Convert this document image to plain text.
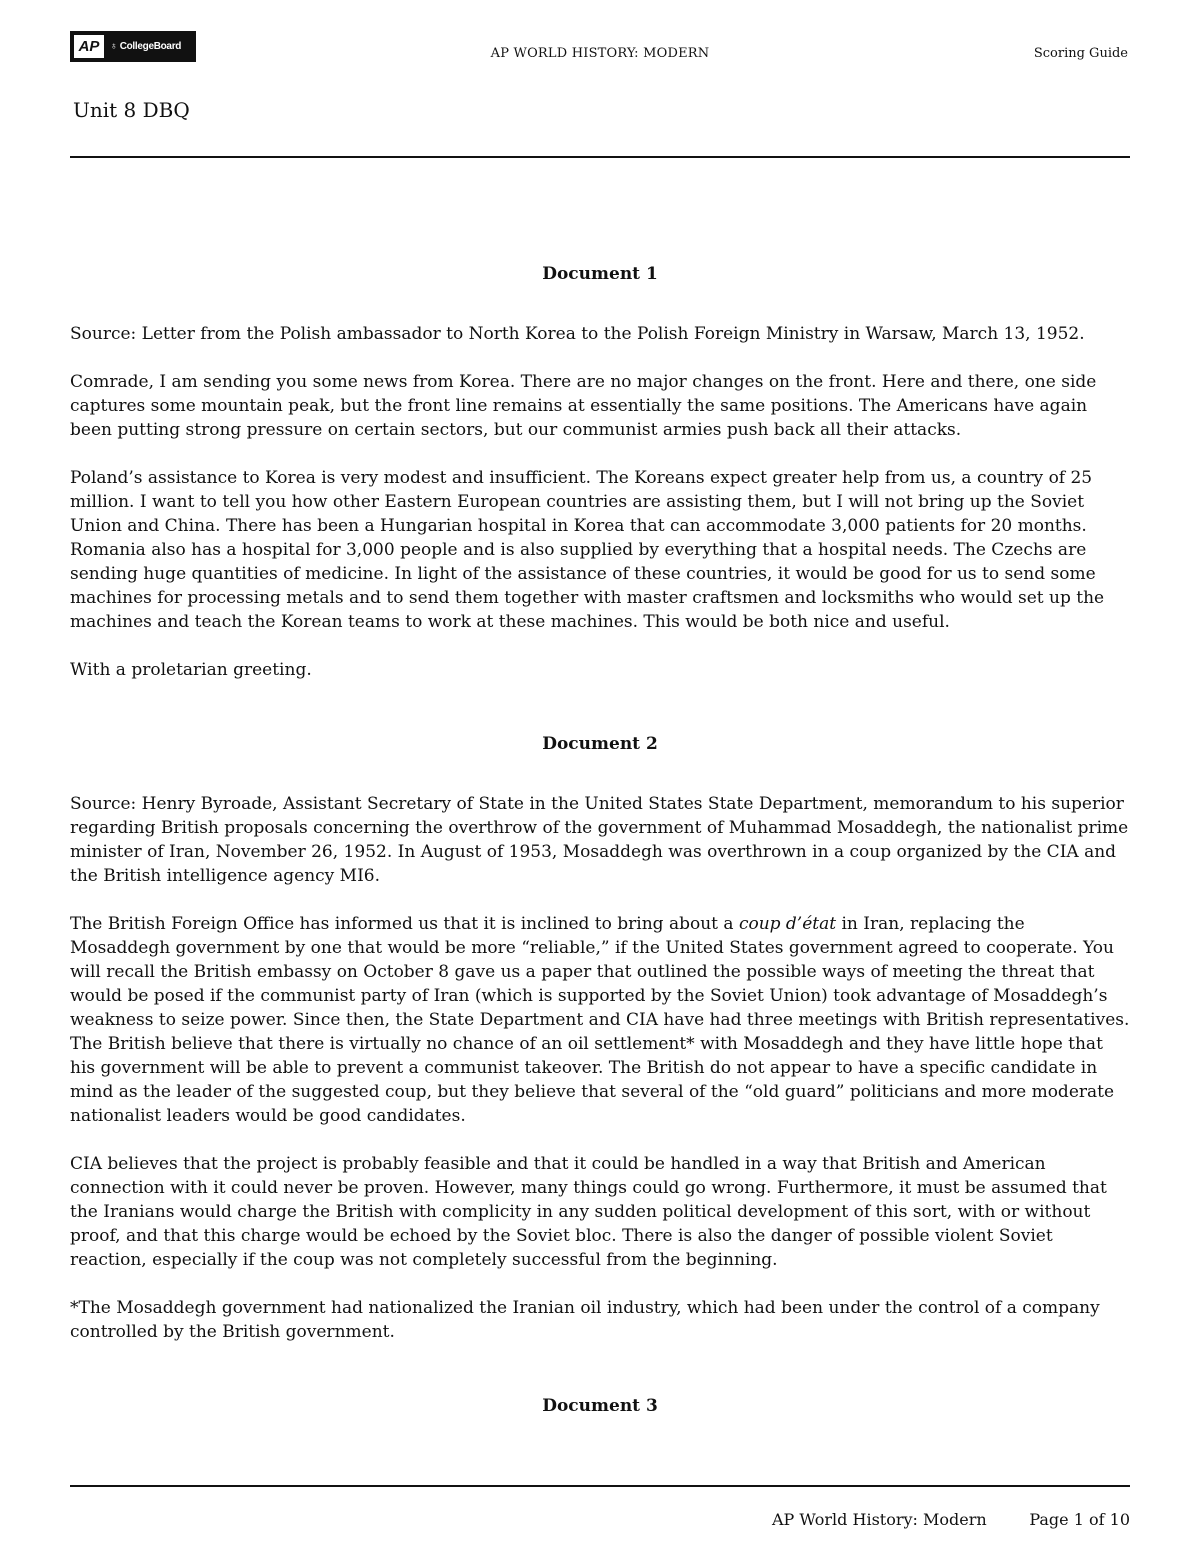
AP	♁ CollegeBoard	AP WORLD HISTORY: MODERN	Scoring Guide
Unit 8 DBQ

Document 1

Source: Letter from the Polish ambassador to North Korea to the Polish Foreign Ministry in Warsaw, March 13, 1952.

Comrade, I am sending you some news from Korea. There are no major changes on the front. Here and there, one side captures some mountain peak, but the front line remains at essentially the same positions. The Americans have again been putting strong pressure on certain sectors, but our communist armies push back all their attacks.

Poland’s assistance to Korea is very modest and insufficient. The Koreans expect greater help from us, a country of 25 million. I want to tell you how other Eastern European countries are assisting them, but I will not bring up the Soviet Union and China. There has been a Hungarian hospital in Korea that can accommodate 3,000 patients for 20 months. Romania also has a hospital for 3,000 people and is also supplied by everything that a hospital needs. The Czechs are sending huge quantities of medicine. In light of the assistance of these countries, it would be good for us to send some machines for processing metals and to send them together with master craftsmen and locksmiths who would set up the machines and teach the Korean teams to work at these machines. This would be both nice and useful.

With a proletarian greeting.

Document 2

Source: Henry Byroade, Assistant Secretary of State in the United States State Department, memorandum to his superior regarding British proposals concerning the overthrow of the government of Muhammad Mosaddegh, the nationalist prime minister of Iran, November 26, 1952. In August of 1953, Mosaddegh was overthrown in a coup organized by the CIA and the British intelligence agency MI6.

The British Foreign Office has informed us that it is inclined to bring about a coup d’état in Iran, replacing the Mosaddegh government by one that would be more “reliable,” if the United States government agreed to cooperate. You will recall the British embassy on October 8 gave us a paper that outlined the possible ways of meeting the threat that would be posed if the communist party of Iran (which is supported by the Soviet Union) took advantage of Mosaddegh’s weakness to seize power. Since then, the State Department and CIA have had three meetings with British representatives. The British believe that there is virtually no chance of an oil settlement* with Mosaddegh and they have little hope that his government will be able to prevent a communist takeover. The British do not appear to have a specific candidate in mind as the leader of the suggested coup, but they believe that several of the “old guard” politicians and more moderate nationalist leaders would be good candidates.

CIA believes that the project is probably feasible and that it could be handled in a way that British and American connection with it could never be proven. However, many things could go wrong. Furthermore, it must be assumed that the Iranians would charge the British with complicity in any sudden political development of this sort, with or without proof, and that this charge would be echoed by the Soviet bloc. There is also the danger of possible violent Soviet reaction, especially if the coup was not completely successful from the beginning.

*The Mosaddegh government had nationalized the Iranian oil industry, which had been under the control of a company controlled by the British government.

Document 3

AP World History: Modern	Page 1 of 10
